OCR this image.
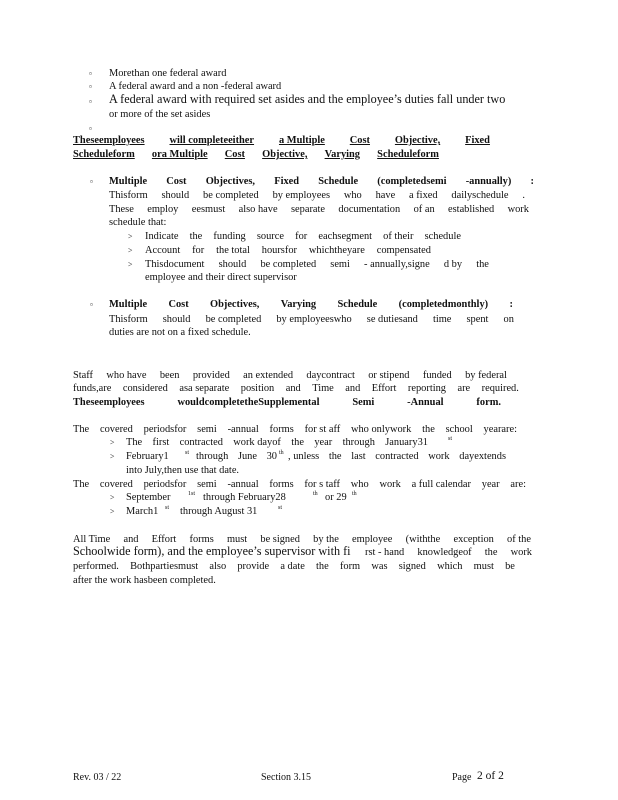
▫ Morethan one federal award
▫ A federal award and a non -federal award
▫ A federal award with required set asides and the employee’s duties fall under two
or more of the set asides
▫
Theseemployees will completeeither a Multiple Cost Objective, Fixed
Scheduleform ora Multiple Cost Objective, Varying Scheduleform
▫ Multiple Cost Objectives, Fixed Schedule (completedsemi -annually) :
Thisform should be completed by employees who have a fixed dailyschedule .
These employ eesmust also have separate documentation of an established work
schedule that:
> Indicate the funding source for eachsegment of their schedule
> Account for the total hoursfor whichtheyare compensated
> Thisdocument should be completed semi - annually,signe d by the
employee and their direct supervisor
▫ Multiple Cost Objectives, Varying Schedule (completedmonthly) :
Thisform should be completed by employeeswho se dutiesand time spent on
duties are not on a fixed schedule.
Staff who have been provided an extended daycontract or stipend funded by federal
funds,are considered asa separate position and Time and Effort reporting are required.
Theseemployees	wouldcompletetheSupplemental	Semi	-Annual	form.
The covered periodsfor semi -annual forms for st aff who onlywork the school yearare:
> The first contracted work dayof the year through January31	st
> February1	st through June 30 th , unless the last contracted work dayextends
into July,then use that date.
The covered periodsfor semi -annual forms for s taff who work a full calendar year are:
> September	1st through February28	th or 29 th
> March1 st through August 31	st
All Time and Effort forms must be signed by the employee (withthe exception of the
Schoolwide form), and the employee’s supervisor with fi rst - hand knowledgeof the work
performed. Bothpartiesmust also provide a date the form was signed which must be
after the work hasbeen completed.
Rev. 03 / 22	Section 3.15	Page 2 of 2
